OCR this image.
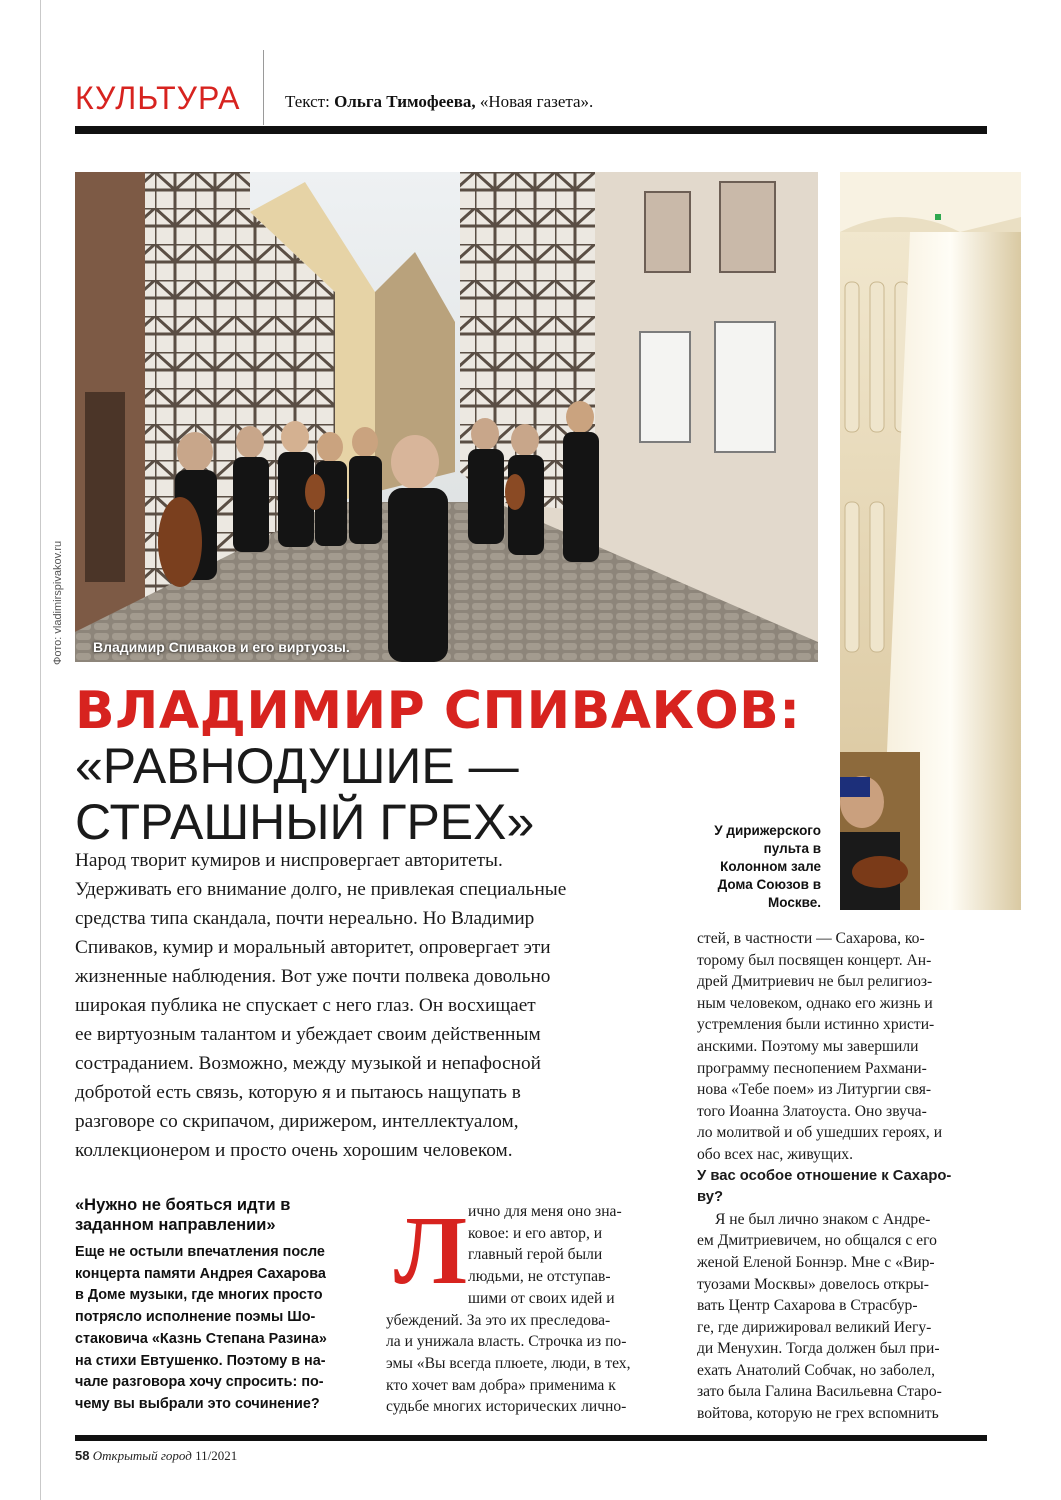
КУЛЬТУРА	Текст: Ольга Тимофеева, «Новая газета».
Владимир Спиваков и его виртуозы.
Фото: vladimirspivakov.ru
У дирижерского
пульта в
Колонном зале
Дома Союзов в
Москве.
ВЛАДИМИР СПИВАКОВ:
«РАВНОДУШИЕ —
СТРАШНЫЙ ГРЕХ»
Народ творит кумиров и ниспровергает авторитеты.
Удерживать его внимание долго, не привлекая специальные
средства типа скандала, почти нереально. Но Владимир
Спиваков, кумир и моральный авторитет, опровергает эти
жизненные наблюдения. Вот уже почти полвека довольно
широкая публика не спускает с него глаз. Он восхищает
ее виртуозным талантом и убеждает своим действенным
состраданием. Возможно, между музыкой и непафосной
добротой есть связь, которую я и пытаюсь нащупать в
разговоре со скрипачом, дирижером, интеллектуалом,
коллекционером и просто очень хорошим человеком.
«Нужно не бояться идти в
заданном направлении»
Еще не остыли впечатления после
концерта памяти Андрея Сахарова
в Доме музыки, где многих просто
потрясло исполнение поэмы Шо-
стаковича «Казнь Степана Разина»
на стихи Евтушенко. Поэтому в на-
чале разговора хочу спросить: по-
чему вы выбрали это сочинение?
Л ично для меня оно зна-
ковое: и его автор, и
главный герой были
людьми, не отступав-
шими от своих идей и
убеждений. За это их преследова-
ла и унижала власть. Строчка из по-
эмы «Вы всегда плюете, люди, в тех,
кто хочет вам добра» применима к
судьбе многих исторических лично-
стей, в частности — Сахарова, ко-
торому был посвящен концерт. Ан-
дрей Дмитриевич не был религиоз-
ным человеком, однако его жизнь и
устремления были истинно христи-
анскими. Поэтому мы завершили
программу песнопением Рахмани-
нова «Тебе поем» из Литургии свя-
того Иоанна Златоуста. Оно звуча-
ло молитвой и об ушедших героях, и
обо всех нас, живущих.
У вас особое отношение к Сахаро-
ву?
Я не был лично знаком с Андре-
ем Дмитриевичем, но общался с его
женой Еленой Боннэр. Мне с «Вир-
туозами Москвы» довелось откры-
вать Центр Сахарова в Страсбур-
ге, где дирижировал великий Иегу-
ди Менухин. Тогда должен был при-
ехать Анатолий Собчак, но заболел,
зато была Галина Васильевна Старо-
войтова, которую не грех вспомнить
58 Открытый город 11/2021
